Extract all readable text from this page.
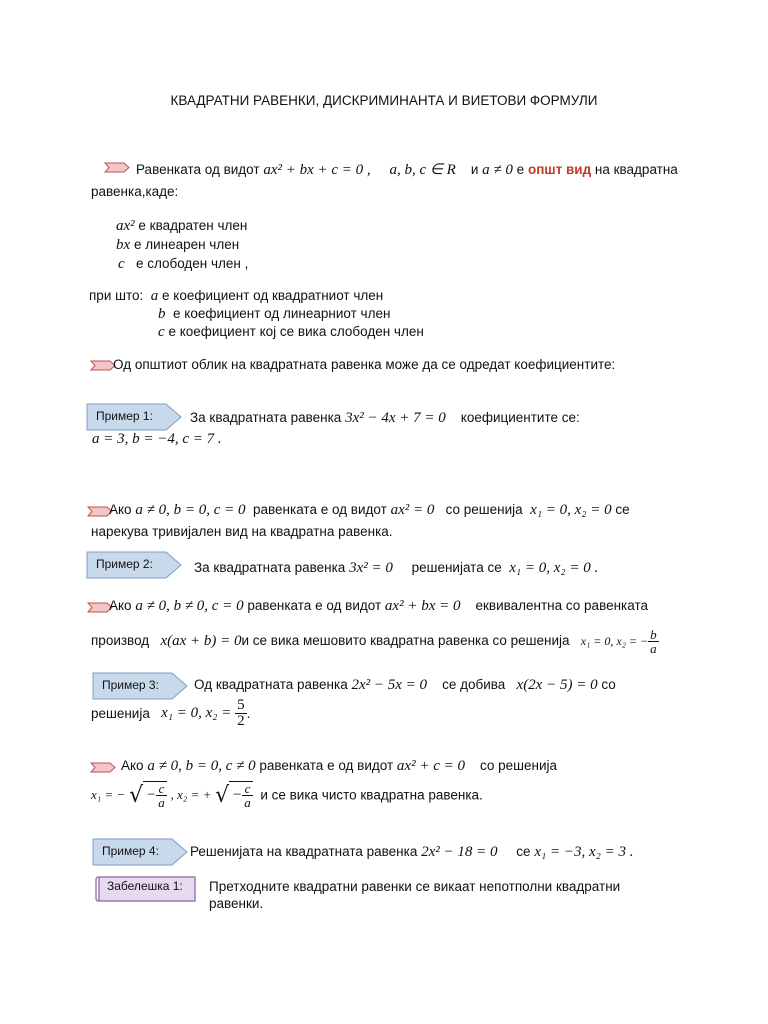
КВАДРАТНИ РАВЕНКИ, ДИСКРИМИНАНТА И ВИЕТОВИ ФОРМУЛИ
Равенката од видот ax² + bx + c = 0 , a, b, c ∈ R и a ≠ 0 е општ вид на квадратна
равенка,каде:
ax² е квадратен член
bx е линеарен член
c е слободен член ,
при што: a е коефициент од квадратниот член
b е коефициент од линеарниот член
c е коефициент кој се вика слободен член
Од општиот облик на квадратната равенка може да се одредат коефициентите:
Пример 1:	За квадратната равенка 3x² − 4x + 7 = 0 коефициентите се:
a = 3, b = −4, c = 7 .
Ако a ≠ 0, b = 0, c = 0 равенката е од видот ax² = 0 со решенија x₁ = 0, x₂ = 0 се
нарекува тривијален вид на квадратна равенка.
Пример 2:	За квадратната равенка 3x² = 0 решенијата се x₁ = 0, x₂ = 0 .
Ако a ≠ 0, b ≠ 0, c = 0 равенката е од видот ax² + bx = 0 еквивалентна со равенката
производ x(ax + b) = 0и се вика мешовито квадратна равенка со решенија x₁ = 0, x₂ = − $\frac{b}{a}$
Пример 3:	Од квадратната равенка 2x² − 5x = 0 се добива x(2x − 5) = 0 со
решенија x₁ = 0, $x_2 = \frac{5}{2}$ .
Ако a ≠ 0, b = 0, c ≠ 0 равенката е од видот ax² + c = 0 со решенија
x₁ = − √ − $\frac{c}{a}$ , x₂ = + √ − $\frac{c}{a}$ и се вика чисто квадратна равенка.
Пример 4: Решенијата на квадратната равенка 2x² − 18 = 0 се x₁ = −3, x₂ = 3 .
Забелешка 1: Претходните квадратни равенки се викаат непотполни квадратни
равенки.
